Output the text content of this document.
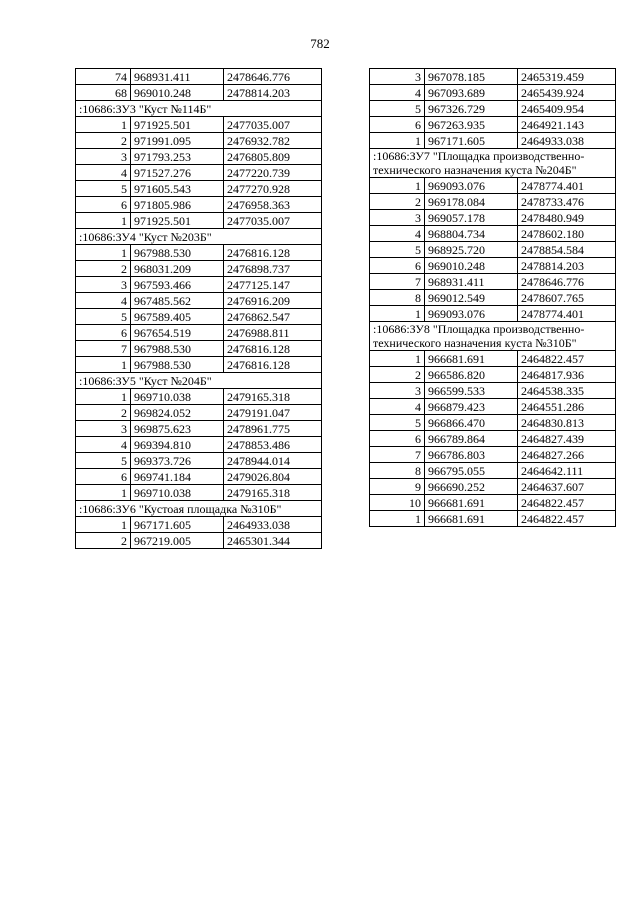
782
74	968931.411	2478646.776
68	969010.248	2478814.203
:10686:ЗУ3 "Куст №114Б"		
1	971925.501	2477035.007
2	971991.095	2476932.782
3	971793.253	2476805.809
4	971527.276	2477220.739
5	971605.543	2477270.928
6	971805.986	2476958.363
1	971925.501	2477035.007
:10686:ЗУ4 "Куст №203Б"		
1	967988.530	2476816.128
2	968031.209	2476898.737
3	967593.466	2477125.147
4	967485.562	2476916.209
5	967589.405	2476862.547
6	967654.519	2476988.811
7	967988.530	2476816.128
1	967988.530	2476816.128
:10686:ЗУ5 "Куст №204Б"		
1	969710.038	2479165.318
2	969824.052	2479191.047
3	969875.623	2478961.775
4	969394.810	2478853.486
5	969373.726	2478944.014
6	969741.184	2479026.804
1	969710.038	2479165.318
:10686:ЗУ6 "Кустоая площадка №310Б"		
1	967171.605	2464933.038
2	967219.005	2465301.344
3	967078.185	2465319.459
4	967093.689	2465439.924
5	967326.729	2465409.954
6	967263.935	2464921.143
1	967171.605	2464933.038
:10686:ЗУ7 "Площадка производственно-технического назначения куста №204Б"		
1	969093.076	2478774.401
2	969178.084	2478733.476
3	969057.178	2478480.949
4	968804.734	2478602.180
5	968925.720	2478854.584
6	969010.248	2478814.203
7	968931.411	2478646.776
8	969012.549	2478607.765
1	969093.076	2478774.401
:10686:ЗУ8 "Площадка производственно-технического назначения куста №310Б"		
1	966681.691	2464822.457
2	966586.820	2464817.936
3	966599.533	2464538.335
4	966879.423	2464551.286
5	966866.470	2464830.813
6	966789.864	2464827.439
7	966786.803	2464827.266
8	966795.055	2464642.111
9	966690.252	2464637.607
10	966681.691	2464822.457
1	966681.691	2464822.457
